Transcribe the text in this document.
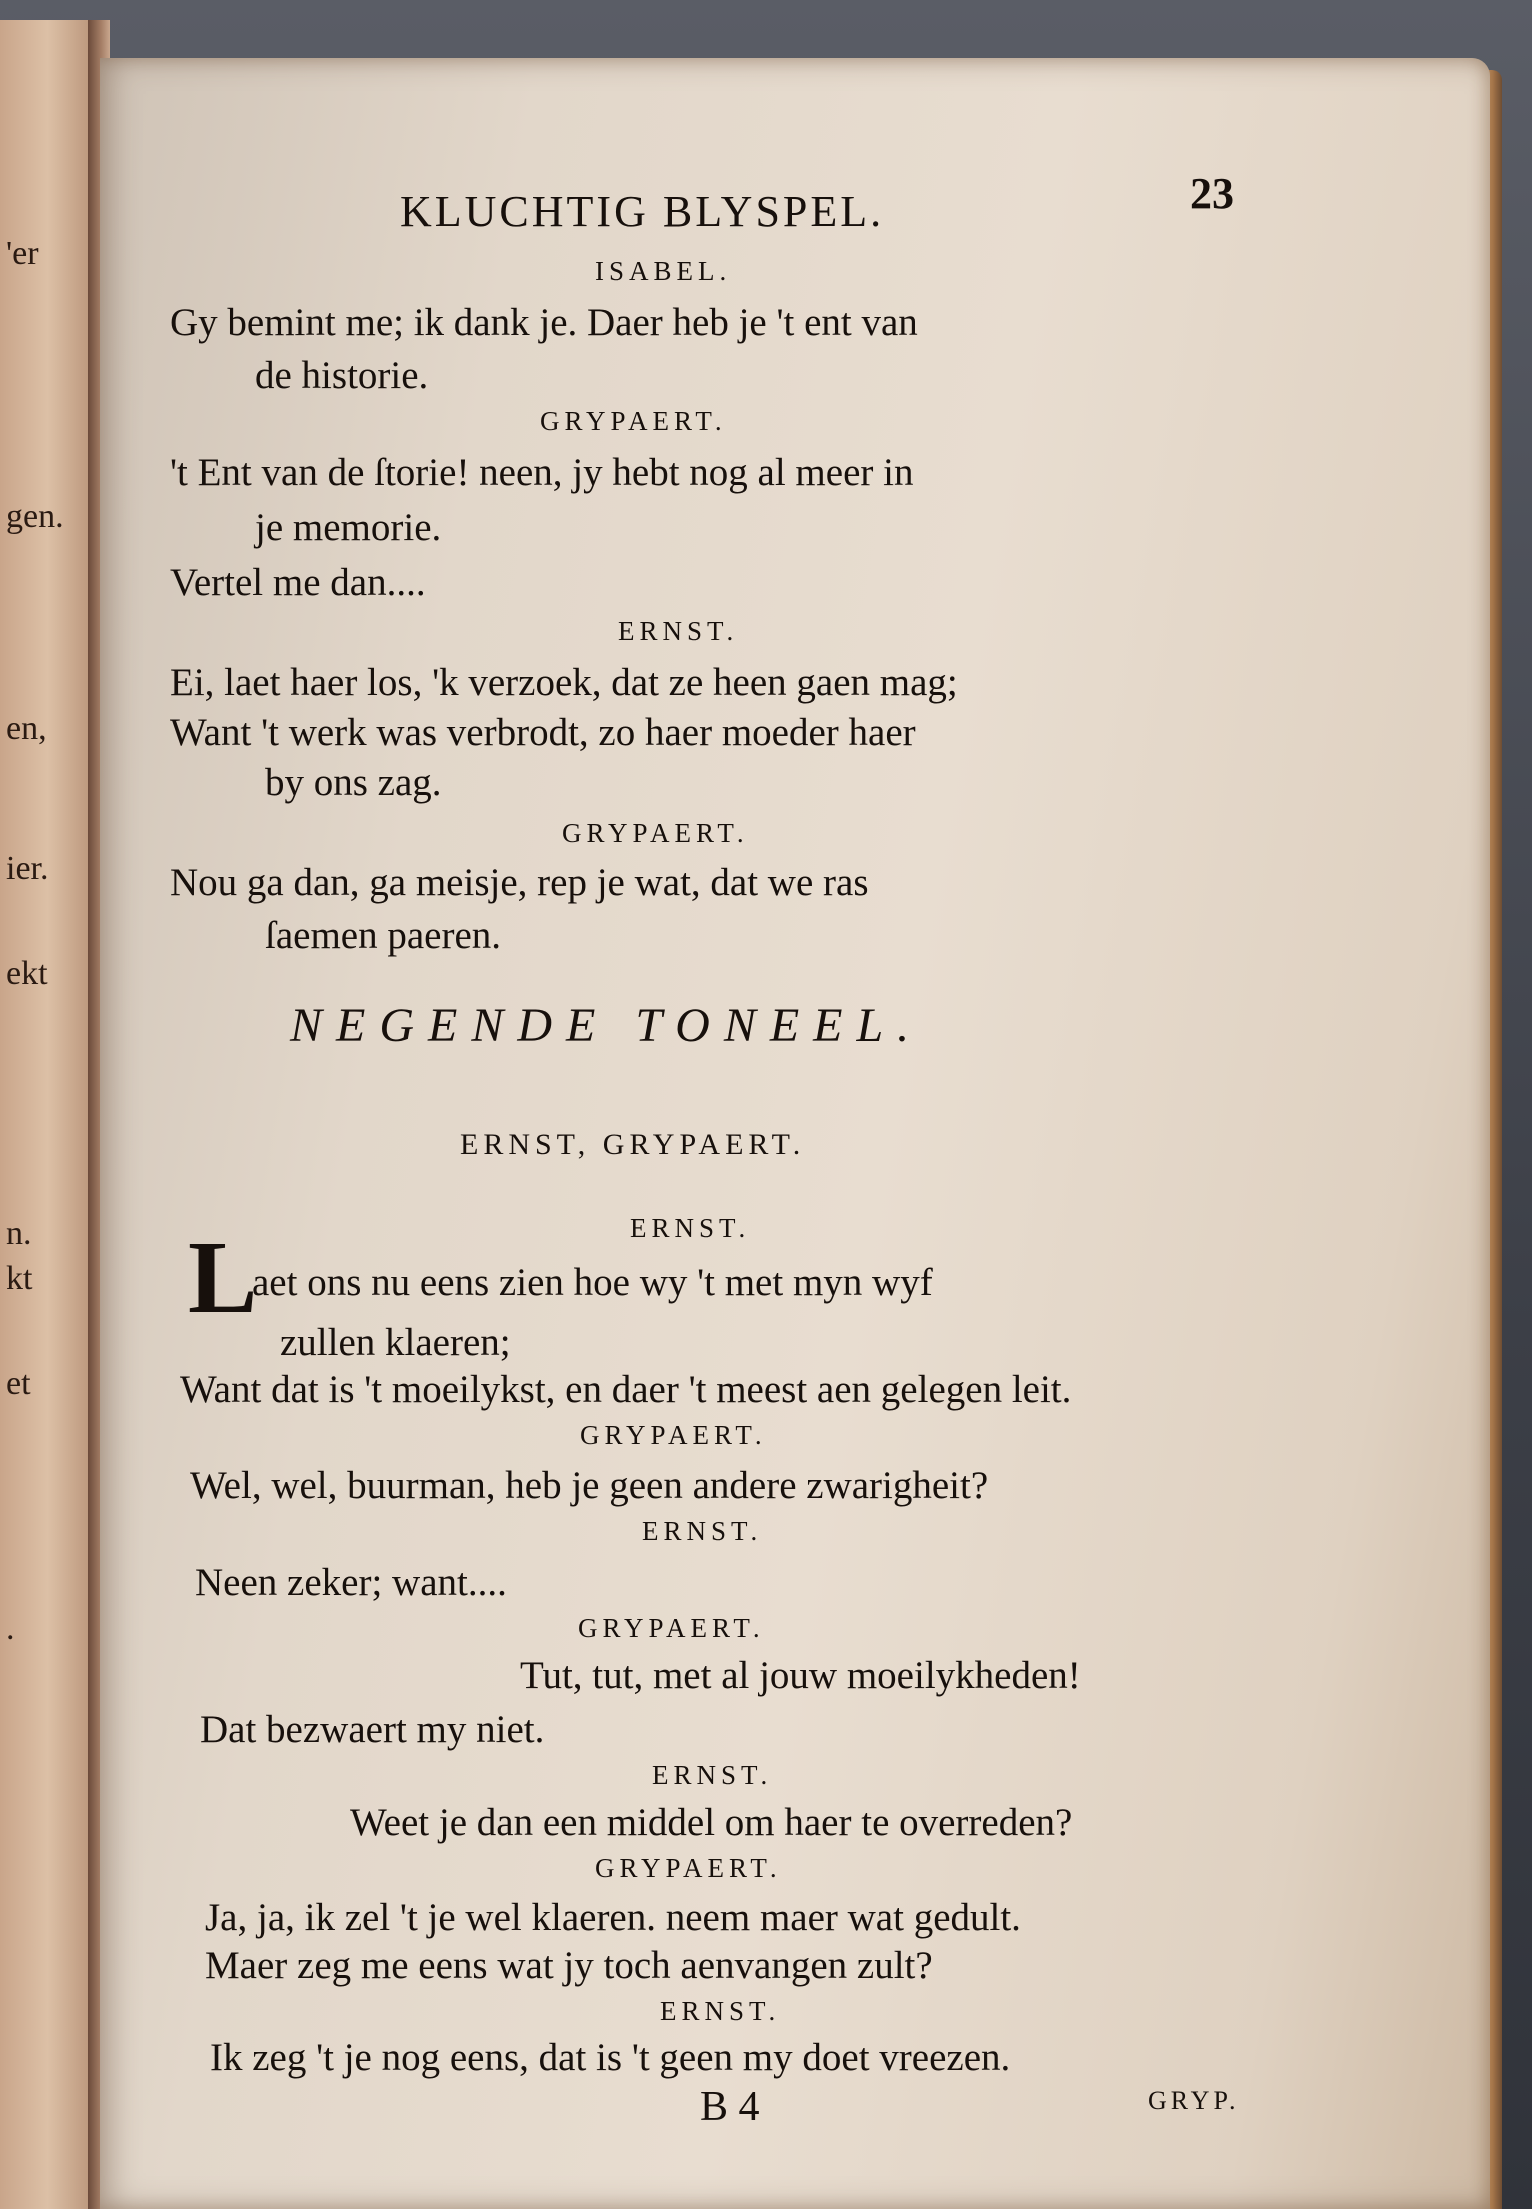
'er
gen.
en,
ier.
ekt
n.
kt
et
.
KLUCHTIG BLYSPEL.	23
ISABEL.
Gy bemint me; ik dank je. Daer heb je 't ent van
de historie.
GRYPAERT.
't Ent van de ſtorie! neen, jy hebt nog al meer in
je memorie.
Vertel me dan....
ERNST.
Ei, laet haer los, 'k verzoek, dat ze heen gaen mag;
Want 't werk was verbrodt, zo haer moeder haer
by ons zag.
GRYPAERT.
Nou ga dan, ga meisje, rep je wat, dat we ras
ſaemen paeren.
NEGENDE TONEEL.
ERNST, GRYPAERT.
ERNST.
L
aet ons nu eens zien hoe wy 't met myn wyf
zullen klaeren;
Want dat is 't moeilykst, en daer 't meest aen gelegen leit.
GRYPAERT.
Wel, wel, buurman, heb je geen andere zwarigheit?
ERNST.
Neen zeker; want....
GRYPAERT.
Tut, tut, met al jouw moeilykheden!
Dat bezwaert my niet.
ERNST.
Weet je dan een middel om haer te overreden?
GRYPAERT.
Ja, ja, ik zel 't je wel klaeren. neem maer wat gedult.
Maer zeg me eens wat jy toch aenvangen zult?
ERNST.
Ik zeg 't je nog eens, dat is 't geen my doet vreezen.
B 4	GRYP.
